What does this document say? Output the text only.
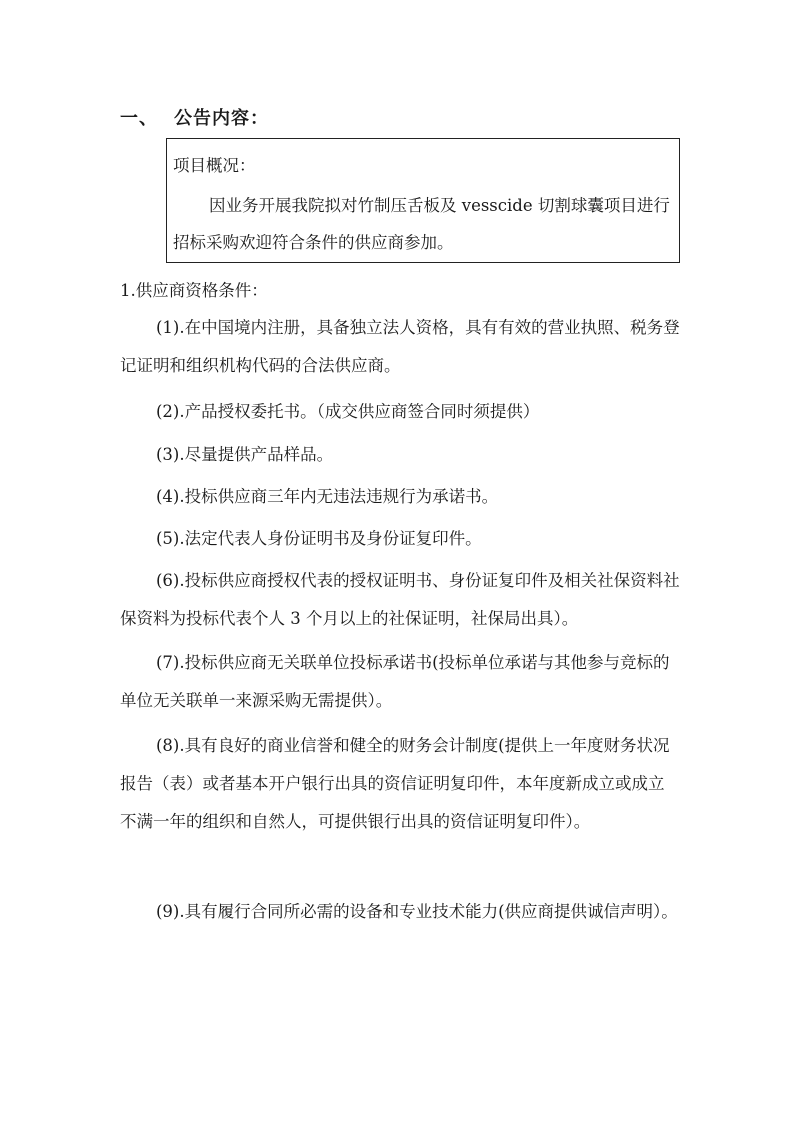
一、 公告内容：
项目概况：
因业务开展我院拟对竹制压舌板及 vesscide 切割球囊项目进行招标采购欢迎符合条件的供应商参加。
1.供应商资格条件：
(1).在中国境内注册，具备独立法人资格，具有有效的营业执照、税务登记证明和组织机构代码的合法供应商。
(2).产品授权委托书。（成交供应商签合同时须提供）
(3).尽量提供产品样品。
(4).投标供应商三年内无违法违规行为承诺书。
(5).法定代表人身份证明书及身份证复印件。
(6).投标供应商授权代表的授权证明书、身份证复印件及相关社保资料社保资料为投标代表个人 3 个月以上的社保证明，社保局出具）。
(7).投标供应商无关联单位投标承诺书(投标单位承诺与其他参与竞标的单位无关联单一来源采购无需提供）。
(8).具有良好的商业信誉和健全的财务会计制度(提供上一年度财务状况报告（表）或者基本开户银行出具的资信证明复印件，本年度新成立或成立不满一年的组织和自然人，可提供银行出具的资信证明复印件）。
(9).具有履行合同所必需的设备和专业技术能力(供应商提供诚信声明）。
